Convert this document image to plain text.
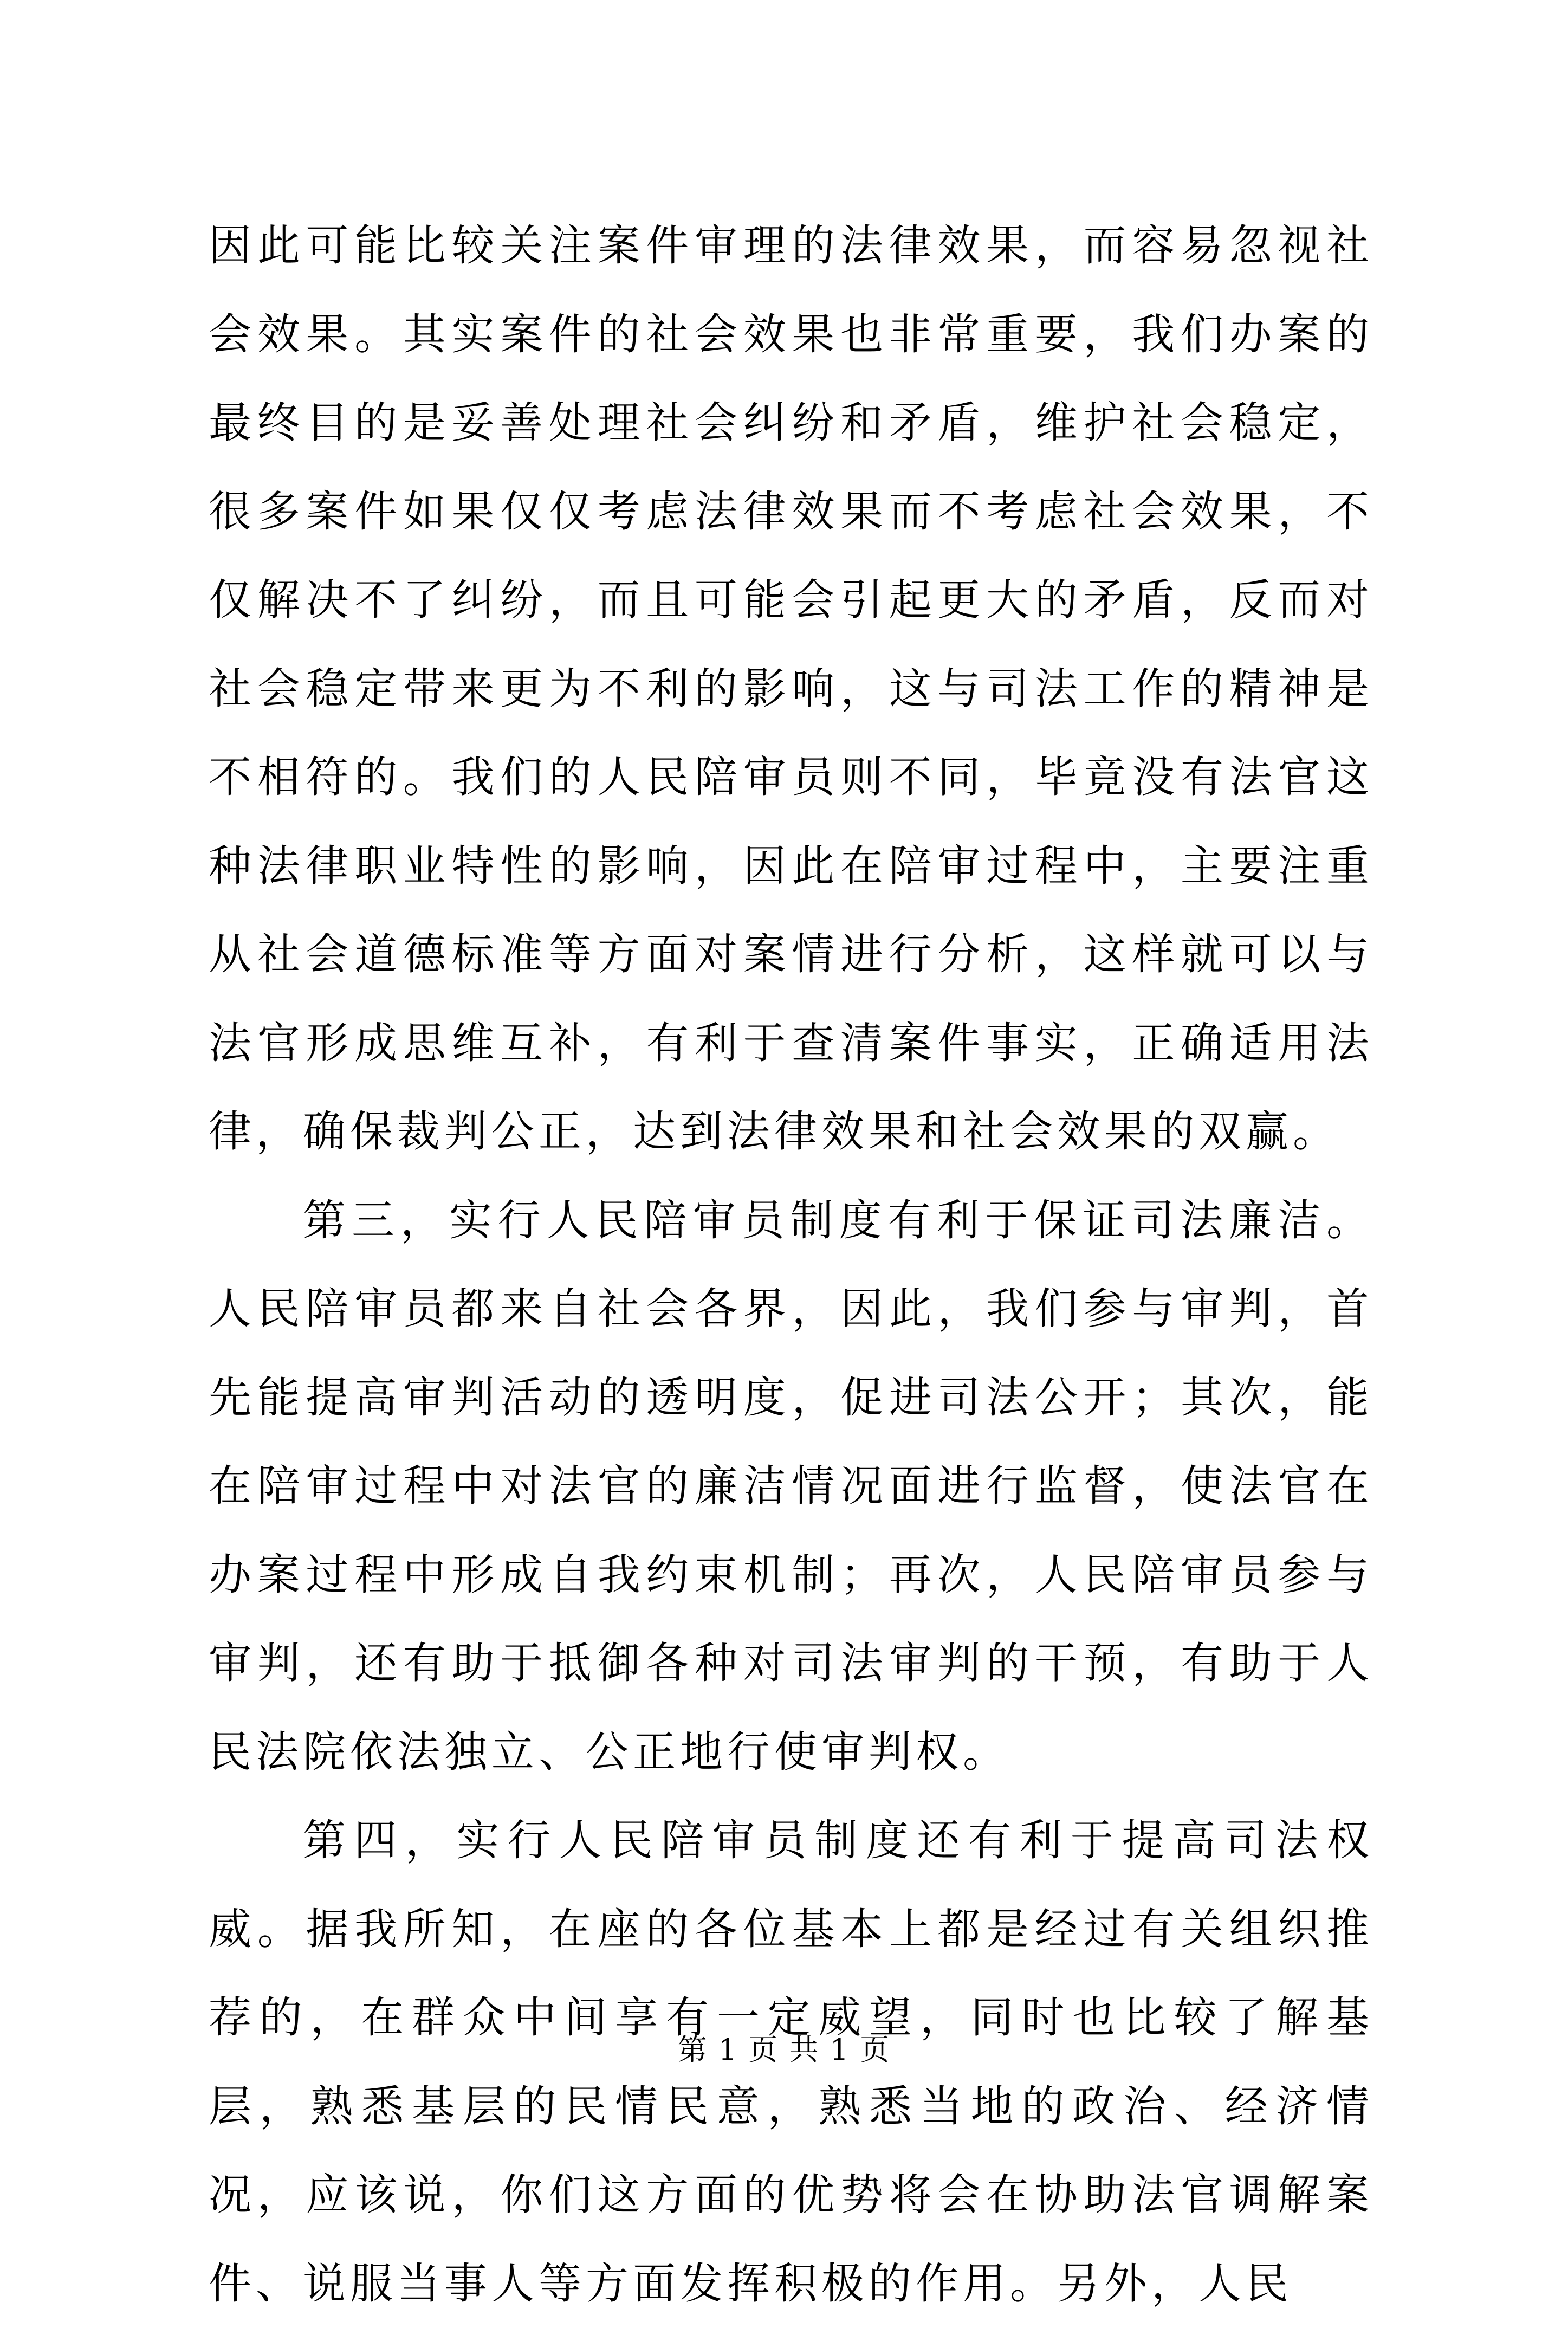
因此可能比较关注案件审理的法律效果，而容易忽视社会效果。其实案件的社会效果也非常重要，我们办案的最终目的是妥善处理社会纠纷和矛盾，维护社会稳定，很多案件如果仅仅考虑法律效果而不考虑社会效果，不仅解决不了纠纷，而且可能会引起更大的矛盾，反而对社会稳定带来更为不利的影响，这与司法工作的精神是不相符的。我们的人民陪审员则不同，毕竟没有法官这种法律职业特性的影响，因此在陪审过程中，主要注重从社会道德标准等方面对案情进行分析，这样就可以与法官形成思维互补，有利于查清案件事实，正确适用法律，确保裁判公正，达到法律效果和社会效果的双赢。

第三，实行人民陪审员制度有利于保证司法廉洁。人民陪审员都来自社会各界，因此，我们参与审判，首先能提高审判活动的透明度，促进司法公开；其次，能在陪审过程中对法官的廉洁情况面进行监督，使法官在办案过程中形成自我约束机制；再次，人民陪审员参与审判，还有助于抵御各种对司法审判的干预，有助于人民法院依法独立、公正地行使审判权。

第四，实行人民陪审员制度还有利于提高司法权威。据我所知，在座的各位基本上都是经过有关组织推荐的，在群众中间享有一定威望，同时也比较了解基层，熟悉基层的民情民意，熟悉当地的政治、经济情况，应该说，你们这方面的优势将会在协助法官调解案件、说服当事人等方面发挥积极的作用。另外，人民

第 1 页 共 1 页
